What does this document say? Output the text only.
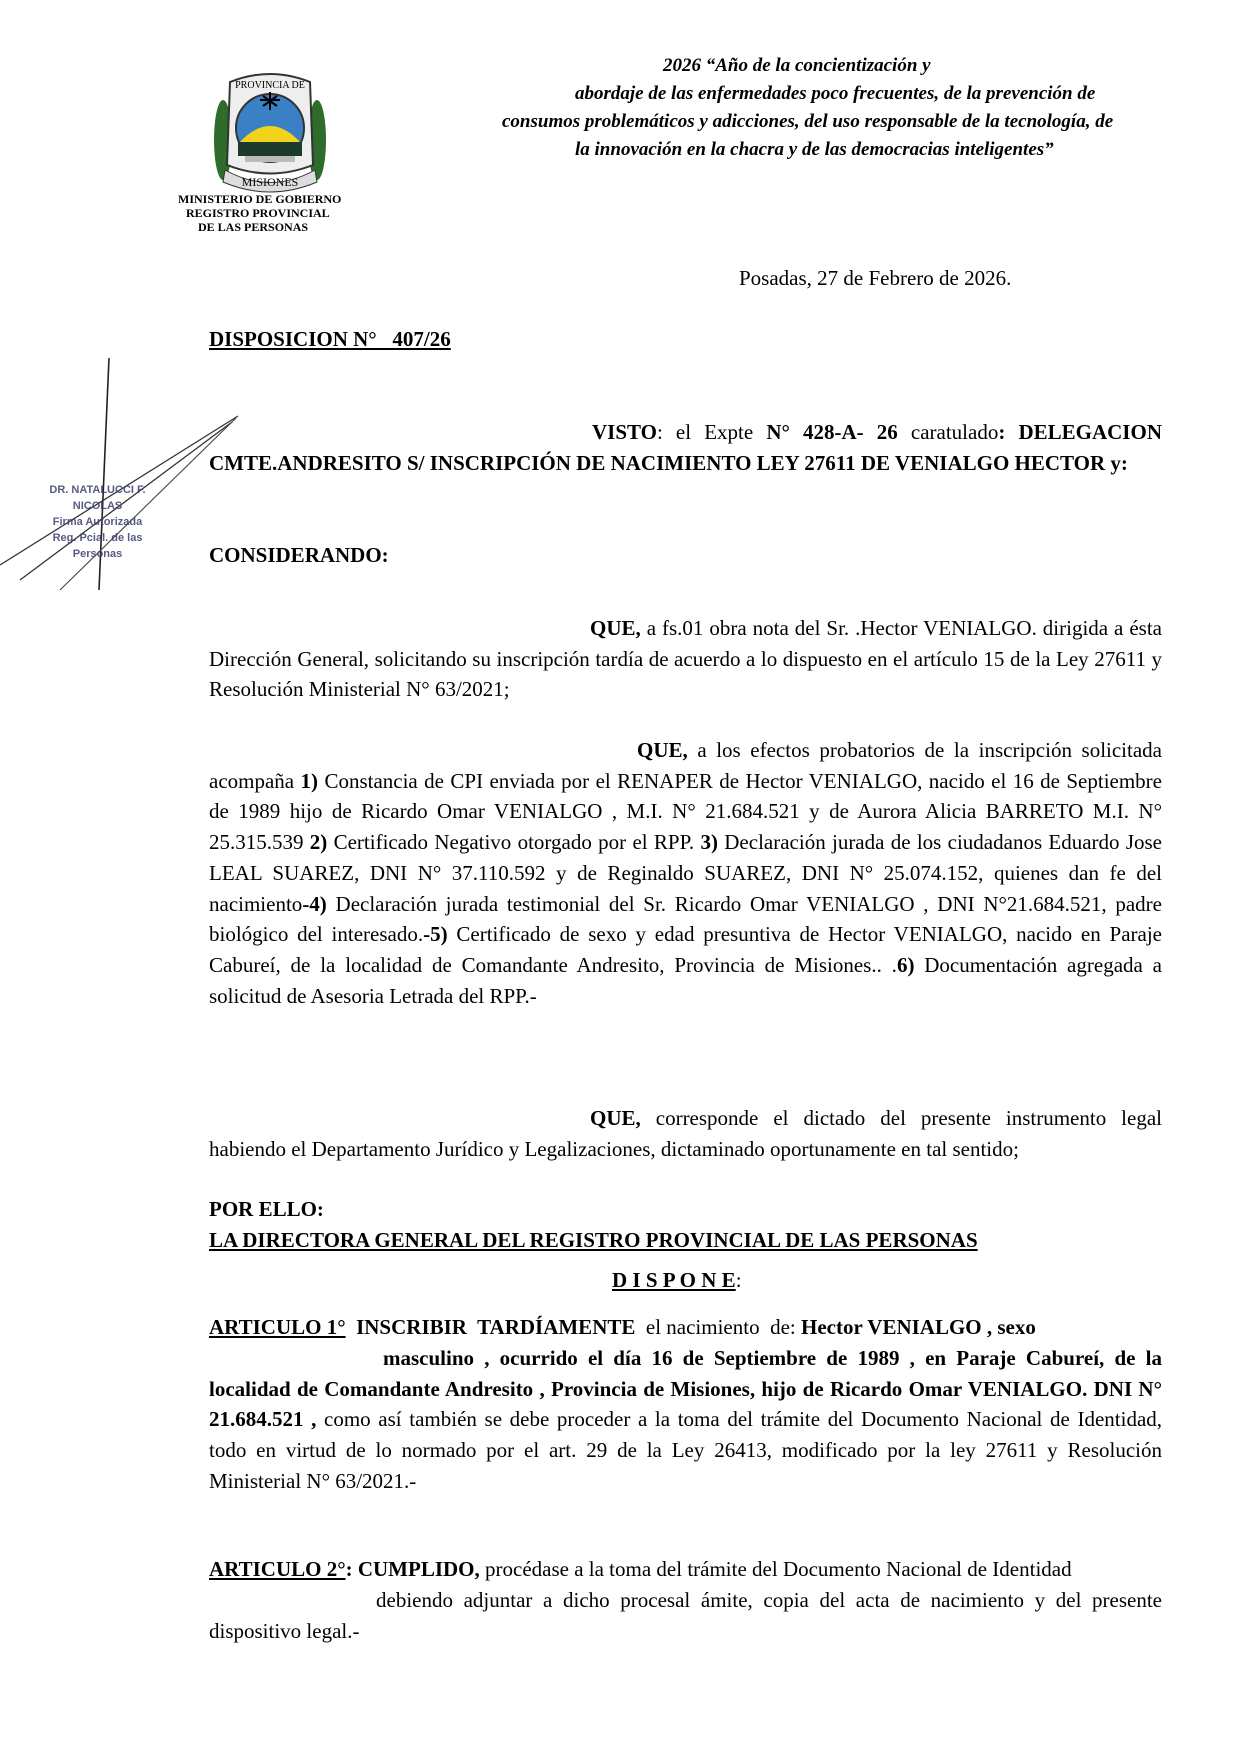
PROVINCIA DE
MISIONES
MINISTERIO DE GOBIERNO
REGISTRO PROVINCIAL
DE LAS PERSONAS
2026 “Año de la concientización y
abordaje de las enfermedades poco frecuentes, de la prevención de
consumos problemáticos y adicciones, del uso responsable de la tecnología, de
la innovación en la chacra y de las democracias inteligentes”
Posadas, 27 de Febrero de 2026.
DISPOSICION N°   407/26
DR. NATALUCCI F. NICOLAS
Firma Autorizada
Reg. Pcial. de las Personas
VISTO: el Expte N° 428-A- 26 caratulado: DELEGACION CMTE.ANDRESITO S/ INSCRIPCIÓN DE NACIMIENTO LEY 27611 DE VENIALGO HECTOR y:
CONSIDERANDO:
QUE, a fs.01 obra nota del Sr. .Hector VENIALGO. dirigida a ésta Dirección General, solicitando su inscripción tardía de acuerdo a lo dispuesto en el artículo 15 de la Ley 27611 y Resolución Ministerial N° 63/2021;
QUE, a los efectos probatorios de la inscripción solicitada
acompaña 1) Constancia de CPI enviada por el RENAPER de Hector VENIALGO, nacido el 16 de Septiembre de 1989 hijo de Ricardo Omar VENIALGO , M.I. N° 21.684.521 y de Aurora Alicia BARRETO M.I. N° 25.315.539 2) Certificado Negativo otorgado por el RPP. 3) Declaración jurada de los ciudadanos Eduardo Jose LEAL SUAREZ, DNI N° 37.110.592 y de Reginaldo SUAREZ, DNI N° 25.074.152, quienes dan fe del nacimiento-4) Declaración jurada testimonial del Sr. Ricardo Omar VENIALGO , DNI N°21.684.521, padre biológico del interesado.-5) Certificado de sexo y edad presuntiva de Hector VENIALGO, nacido en Paraje Cabureí, de la localidad de Comandante Andresito, Provincia de Misiones.. .6) Documentación agregada a solicitud de Asesoria Letrada del RPP.-
QUE, corresponde el dictado del presente instrumento legal habiendo el Departamento Jurídico y Legalizaciones, dictaminado oportunamente en tal sentido;
POR ELLO:
LA DIRECTORA GENERAL DEL REGISTRO PROVINCIAL DE LAS PERSONAS
D I S P O N E:
ARTICULO 1°  INSCRIBIR  TARDÍAMENTE  el nacimiento  de: Hector VENIALGO , sexo
masculino , ocurrido el día 16 de Septiembre de 1989 , en Paraje Cabureí, de la localidad de Comandante Andresito , Provincia de Misiones, hijo de Ricardo Omar VENIALGO. DNI N° 21.684.521 , como así también se debe proceder a la toma del trámite del Documento Nacional de Identidad, todo en virtud de lo normado por el art. 29 de la Ley 26413, modificado por la ley 27611 y Resolución Ministerial N° 63/2021.-
ARTICULO 2°: CUMPLIDO, procédase a la toma del trámite del Documento Nacional de Identidad
debiendo adjuntar a dicho procesal ámite, copia del acta de nacimiento y del presente dispositivo legal.-
